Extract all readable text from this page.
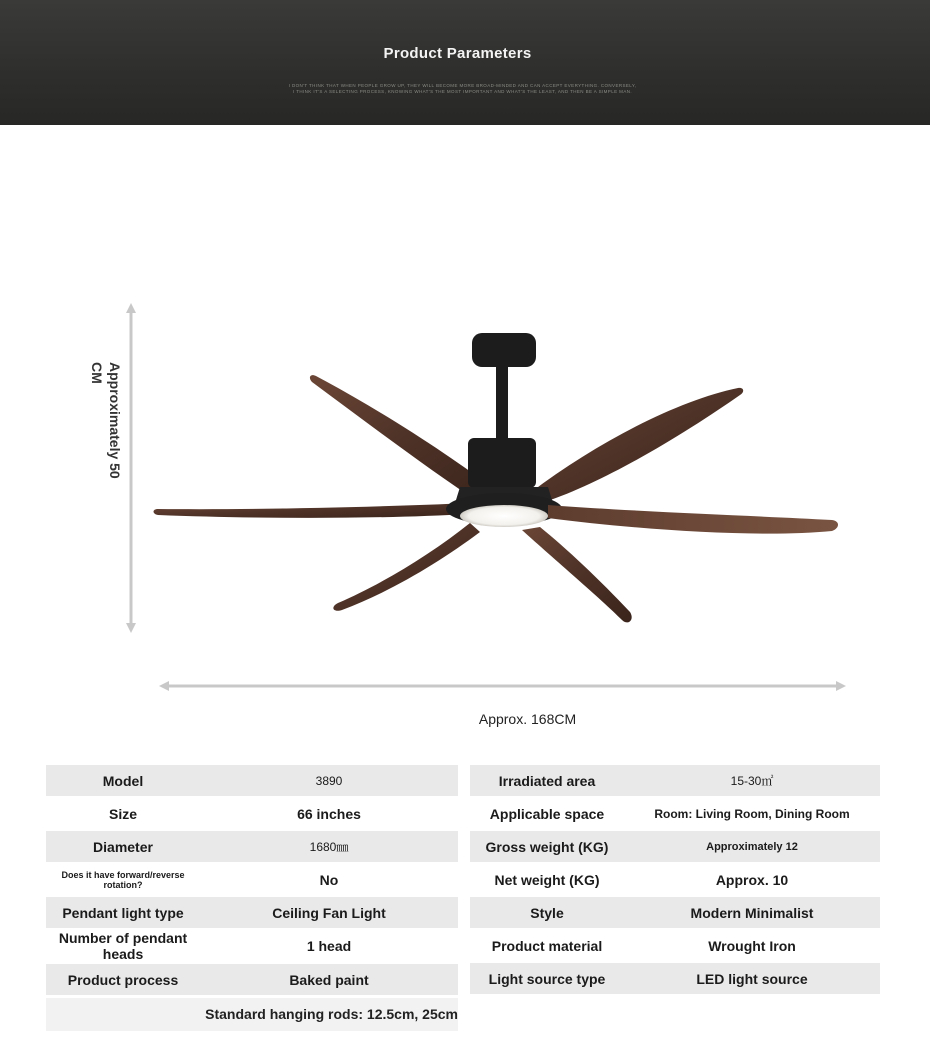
Product Parameters
I DON'T THINK THAT WHEN PEOPLE GROW UP, THEY WILL BECOME MORE BROAD-MINDED AND CAN ACCEPT EVERYTHING. CONVERSELY,
I THINK IT'S A SELECTING PROCESS, KNOWING WHAT'S THE MOST IMPORTANT AND WHAT'S THE LEAST, AND THEN BE A SIMPLE MAN.
Approximately 50 CM
Approx. 168CM
Model	3890
Size	66 inches
Diameter	1680㎜
Does it have forward/reverse rotation?	No
Pendant light type	Ceiling Fan Light
Number of pendant heads	1 head
Product process	Baked paint
Irradiated area	15-30㎡
Applicable space	Room: Living Room, Dining Room
Gross weight (KG)	Approximately 12
Net weight (KG)	Approx. 10
Style	Modern Minimalist
Product material	Wrought Iron
Light source type	LED light source
Standard hanging rods: 12.5cm, 25cm
